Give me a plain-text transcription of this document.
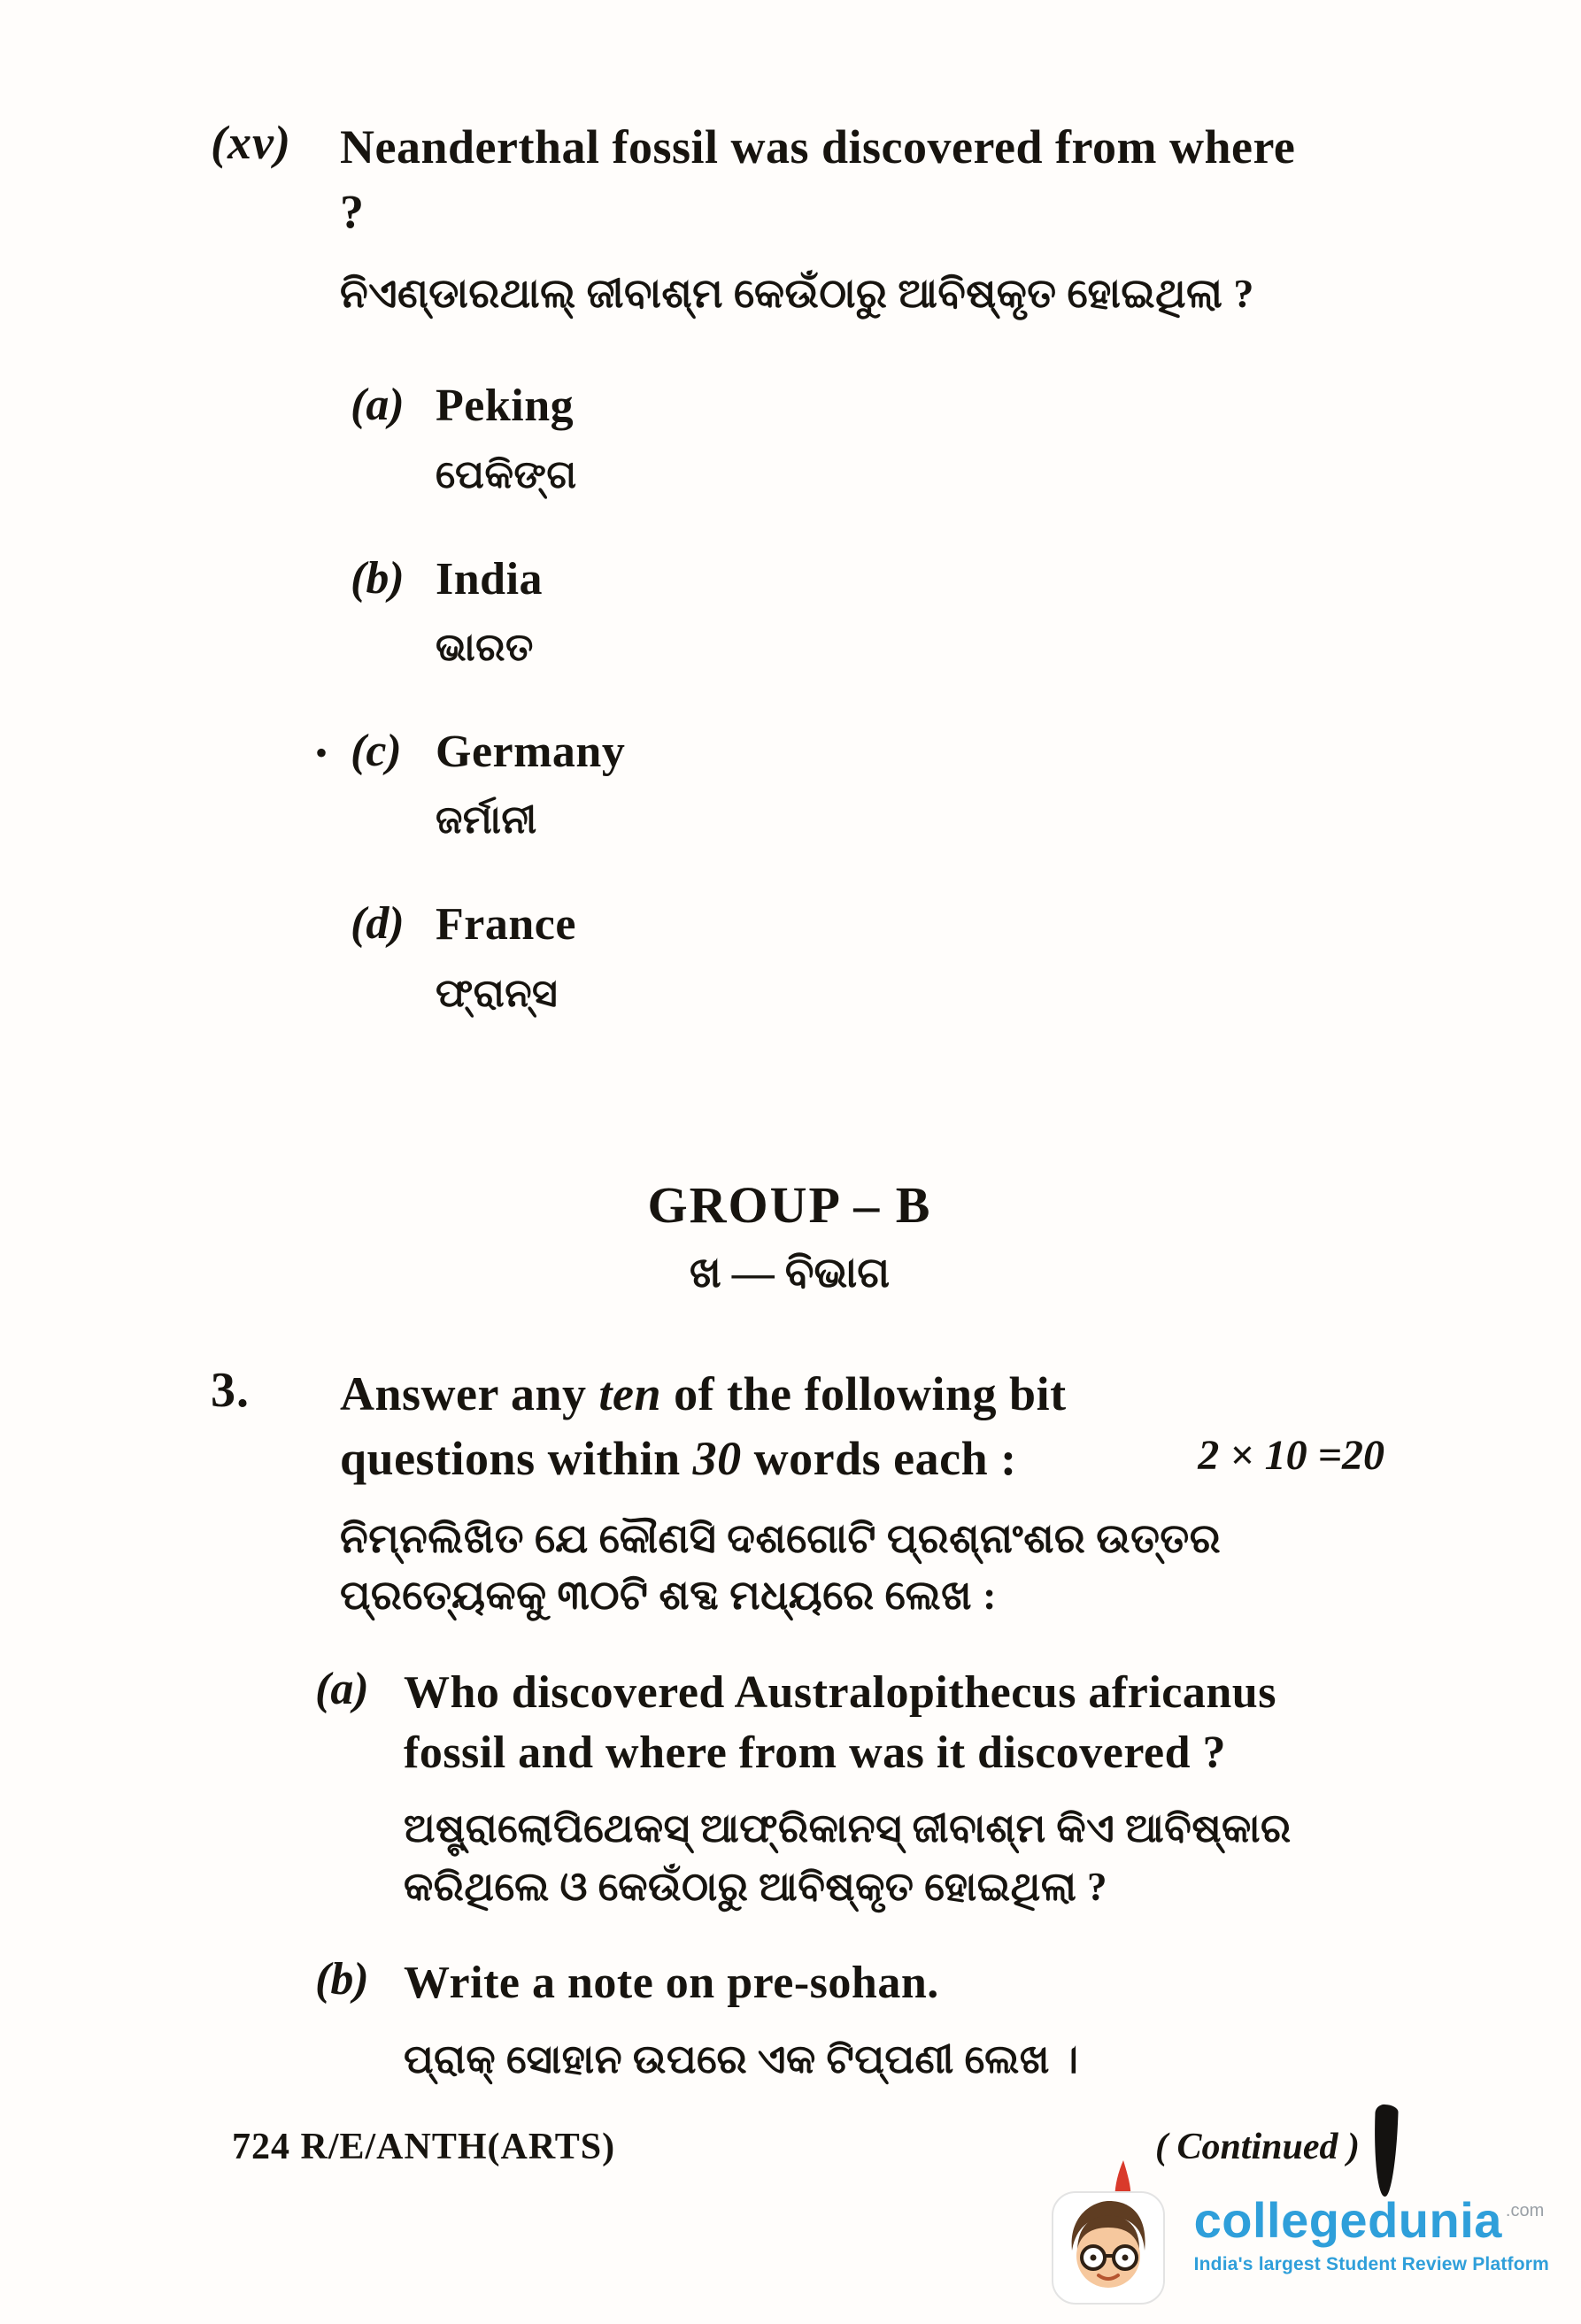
(xv)	Neanderthal fossil was discovered from where ?
ନିଏଣ୍ଡାରଥାଲ୍ ଜୀବାଶ୍ମ କେଉଁଠାରୁ ଆବିଷ୍କୃତ ହୋଇଥିଲା ?
(a) Peking
ପେକିଙ୍ଗ
(b) India
ଭାରତ
• (c) Germany
ଜର୍ମାନୀ
(d) France
ଫ୍ରାନ୍ସ
GROUP – B
ଖ — ବିଭାଗ
3.	Answer any ten of the following bit questions within 30 words each :	2 × 10 =20
ନିମ୍ନଲିଖିତ ଯେ କୌଣସି ଦଶଗୋଟି ପ୍ରଶ୍ନାଂଶର ଉତ୍ତର ପ୍ରତ୍ୟେକକୁ ୩୦ଟି ଶବ୍ଦ ମଧ୍ୟରେ ଲେଖ :
(a) Who discovered Australopithecus africanus fossil and where from was it discovered ?
ଅଷ୍ଟ୍ରାଲୋପିଥେକସ୍ ଆଫ୍ରିକାନସ୍ ଜୀବାଶ୍ମ କିଏ ଆବିଷ୍କାର କରିଥିଲେ ଓ କେଉଁଠାରୁ ଆବିଷ୍କୃତ ହୋଇଥିଲା ?
(b) Write a note on pre-sohan.
ପ୍ରାକ୍ ସୋହାନ ଉପରେ ଏକ ଟିପ୍ପଣୀ ଲେଖ ।
724 R/E/ANTH(ARTS)	( Continued )
collegedunia .com
India's largest Student Review Platform
